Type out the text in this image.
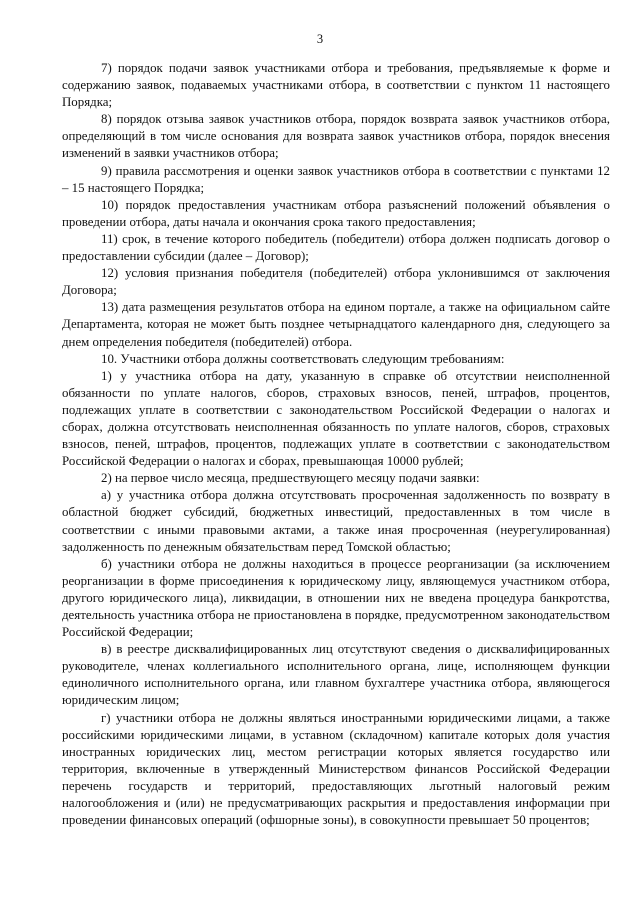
3

7) порядок подачи заявок участниками отбора и требования, предъявляемые к форме и содержанию заявок, подаваемых участниками отбора, в соответствии с пунктом 11 настоящего Порядка;

8) порядок отзыва заявок участников отбора, порядок возврата заявок участников отбора, определяющий в том числе основания для возврата заявок участников отбора, порядок внесения изменений в заявки участников отбора;

9) правила рассмотрения и оценки заявок участников отбора в соответствии с пунктами 12 – 15 настоящего Порядка;

10) порядок предоставления участникам отбора разъяснений положений объявления о проведении отбора, даты начала и окончания срока такого предоставления;

11) срок, в течение которого победитель (победители) отбора должен подписать договор о предоставлении субсидии (далее – Договор);

12) условия признания победителя (победителей) отбора уклонившимся от заключения Договора;

13) дата размещения результатов отбора на едином портале, а также на официальном сайте Департамента, которая не может быть позднее четырнадцатого календарного дня, следующего за днем определения победителя (победителей) отбора.

10. Участники отбора должны соответствовать следующим требованиям:

1) у участника отбора на дату, указанную в справке об отсутствии неисполненной обязанности по уплате налогов, сборов, страховых взносов, пеней, штрафов, процентов, подлежащих уплате в соответствии с законодательством Российской Федерации о налогах и сборах, должна отсутствовать неисполненная обязанность по уплате налогов, сборов, страховых взносов, пеней, штрафов, процентов, подлежащих уплате в соответствии с законодательством Российской Федерации о налогах и сборах, превышающая 10000 рублей;

2) на первое число месяца, предшествующего месяцу подачи заявки:

а) у участника отбора должна отсутствовать просроченная задолженность по возврату в областной бюджет субсидий, бюджетных инвестиций, предоставленных в том числе в соответствии с иными правовыми актами, а также иная просроченная (неурегулированная) задолженность по денежным обязательствам перед Томской областью;

б) участники отбора не должны находиться в процессе реорганизации (за исключением реорганизации в форме присоединения к юридическому лицу, являющемуся участником отбора, другого юридического лица), ликвидации, в отношении них не введена процедура банкротства, деятельность участника отбора не приостановлена в порядке, предусмотренном законодательством Российской Федерации;

в) в реестре дисквалифицированных лиц отсутствуют сведения о дисквалифицированных руководителе, членах коллегиального исполнительного органа, лице, исполняющем функции единоличного исполнительного органа, или главном бухгалтере участника отбора, являющегося юридическим лицом;

г) участники отбора не должны являться иностранными юридическими лицами, а также российскими юридическими лицами, в уставном (складочном) капитале которых доля участия иностранных юридических лиц, местом регистрации которых является государство или территория, включенные в утвержденный Министерством финансов Российской Федерации перечень государств и территорий, предоставляющих льготный налоговый режим налогообложения и (или) не предусматривающих раскрытия и предоставления информации при проведении финансовых операций (офшорные зоны), в совокупности превышает 50 процентов;
